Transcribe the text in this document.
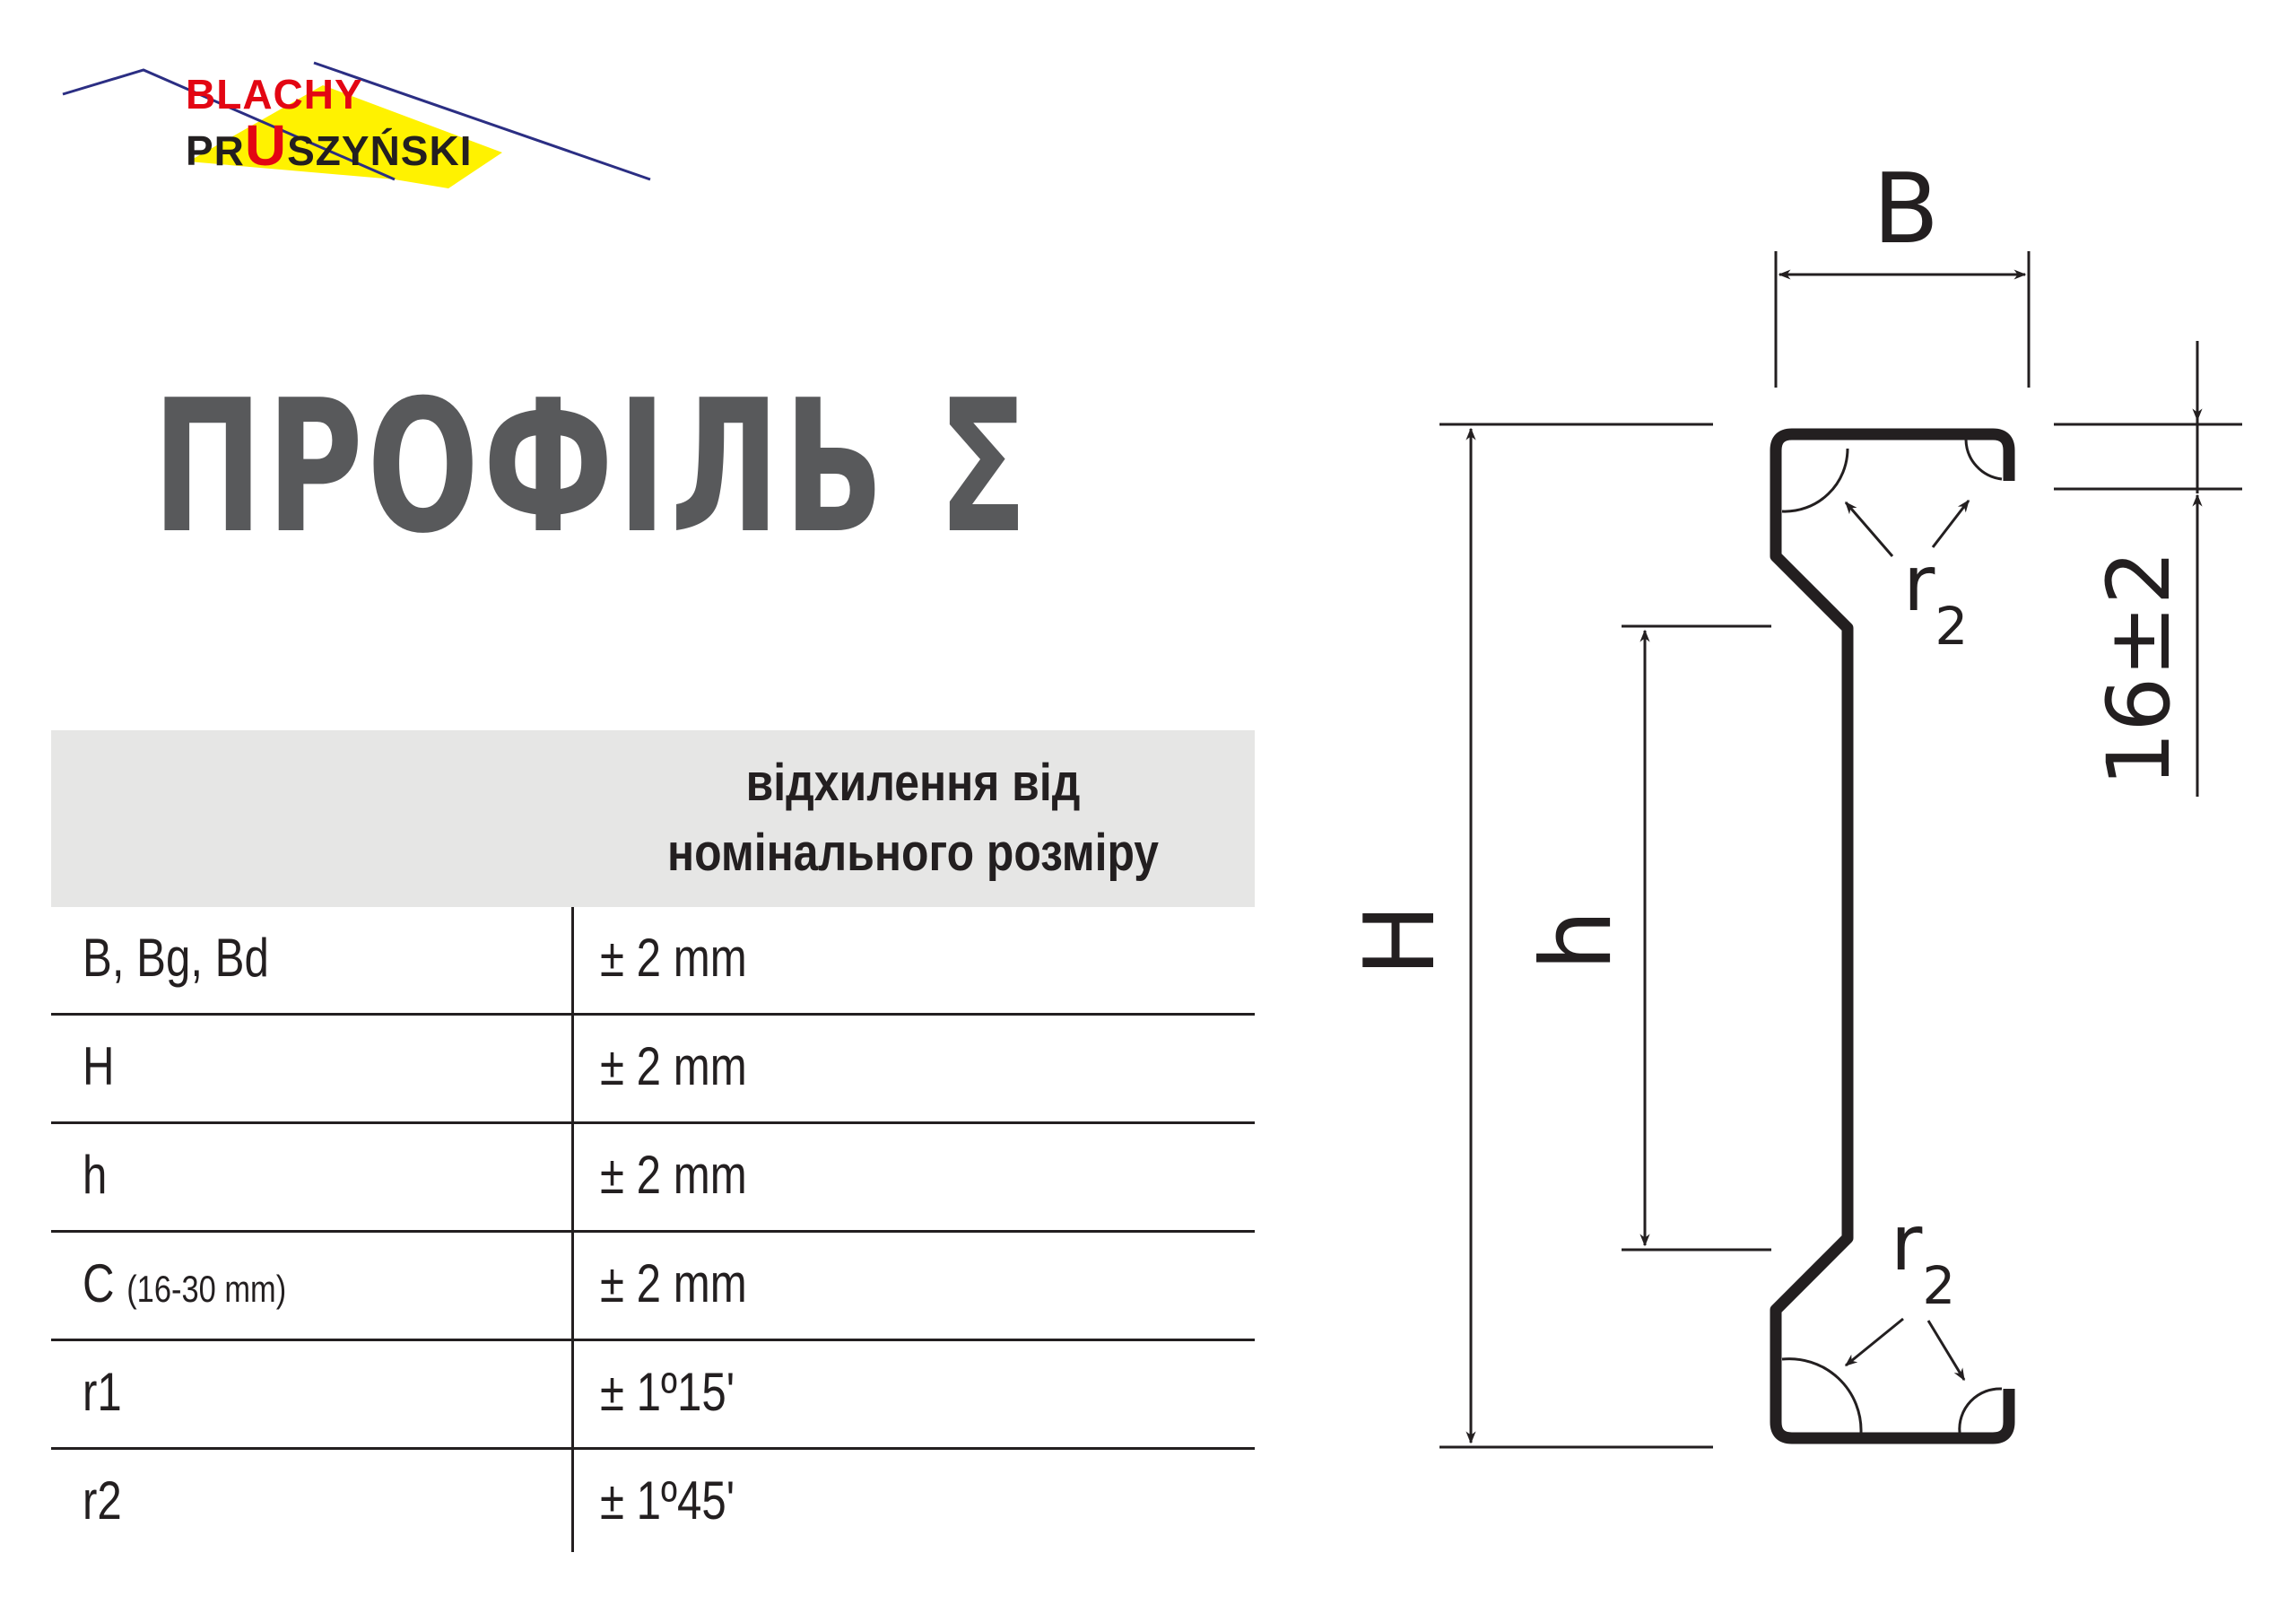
BLACHY
PRUSZYŃSKI
ПРОФІЛЬ Σ
відхилення від
номінального розміру
B, Bg, Bd	± 2 mm
H	± 2 mm
h	± 2 mm
C (16-30 mm)	± 2 mm
r1	± 1º15'
r2	± 1º45'
B
H h
16±2
$r_2$
$r_2$
